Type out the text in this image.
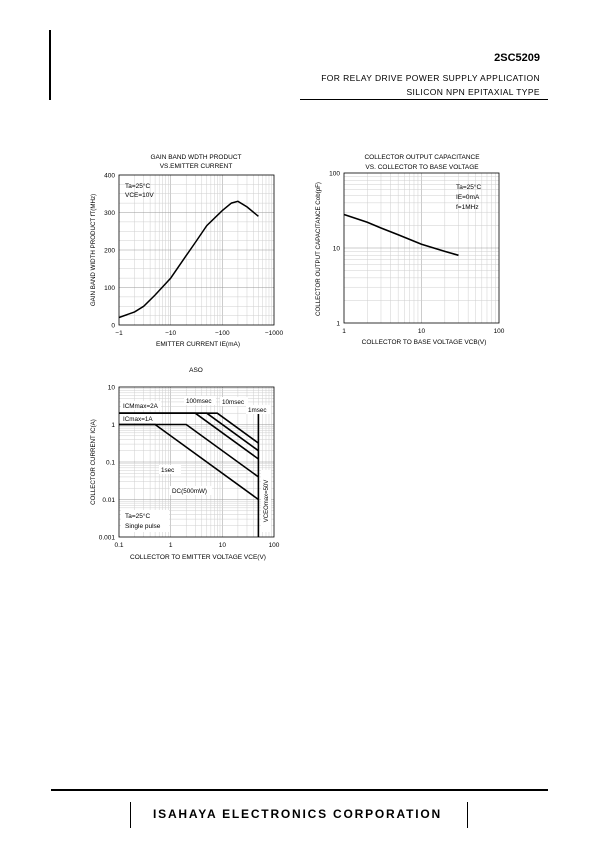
2SC5209
FOR RELAY DRIVE POWER SUPPLY APPLICATION
SILICON NPN EPITAXIAL TYPE
GAIN BAND WDTH PRODUCT
VS.EMITTER CURRENT
−1	−10	−100	−1000
0
100
200
300
400
Ta=25°C
VCE=10V
EMITTER CURRENT IE(mA)
GAIN BAND WIDTH PRODUCT fT(MHz)
COLLECTOR OUTPUT CAPACITANCE
VS. COLLECTOR TO BASE VOLTAGE
1	10	100
1
10
100
Ta=25°C
IE=0mA
f=1MHz
COLLECTOR TO BASE VOLTAGE VCB(V)
COLLECTOR OUTPUT CAPACITANCE Cob(pF)
ASO
0.1	1	10	100
0.001
0.01
0.1
1
10
COLLECTOR TO EMITTER VOLTAGE VCE(V)
COLLECTOR CURRENT IC(A)
ICMmax=2A
ICmax=1A
100msec 10msec
1msec
1sec
DC(500mW)
Ta=25°C
Single pulse
VCEOmax=50V
ISAHAYA ELECTRONICS CORPORATION
